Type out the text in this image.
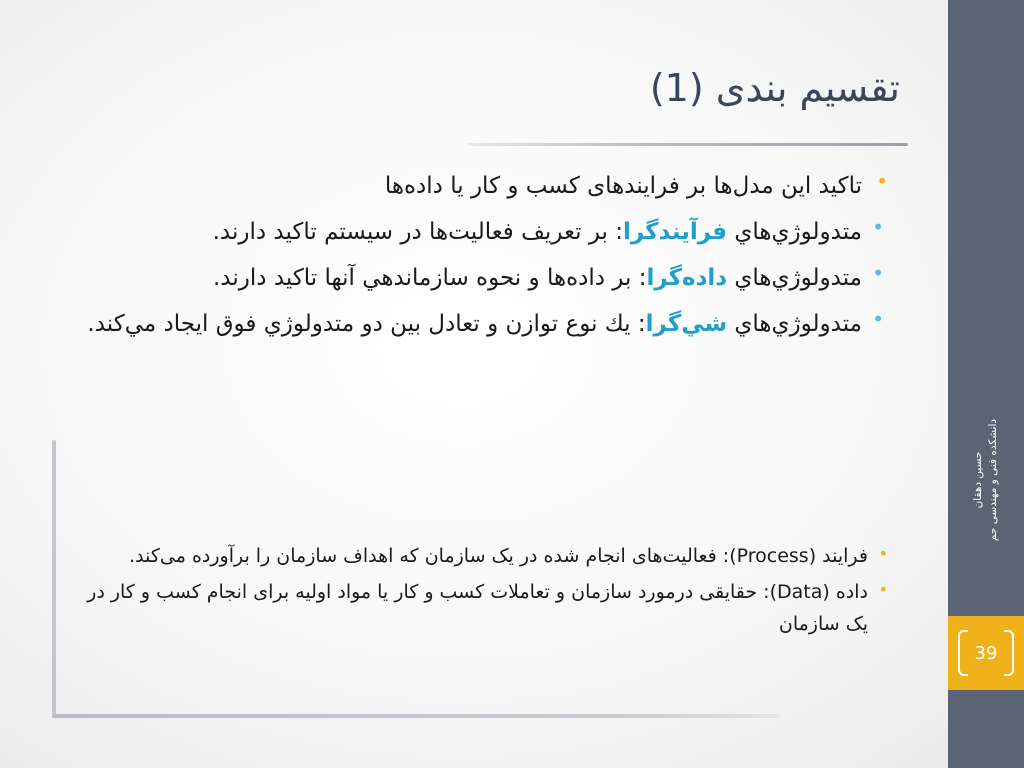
حسین دهقان دانشکده فنی و مهندسی جم
39
تقسیم بندی (1)
•
تاکید این مدل‌ها بر فرایندهای کسب و کار یا داده‌ها
•
متدولوژي‌هاي فرآیندگرا: بر تعریف فعالیت‌ها در سیستم تاکید دارند.
•
متدولوژي‌هاي داده‌گرا: بر داده‌ها و نحوه سازماندهي آنها تاکید دارند.
•
متدولوژي‌هاي شي‌گرا: يك نوع توازن و تعادل بين دو متدولوژي فوق ايجاد مي‌كند.
•
فرایند (Process): فعالیت‌های انجام شده در یک سازمان که اهداف سازمان را برآورده می‌کند.
•
داده (Data): حقایقی درمورد سازمان و تعاملات کسب و کار یا مواد اولیه برای انجام کسب و کار در یک سازمان
